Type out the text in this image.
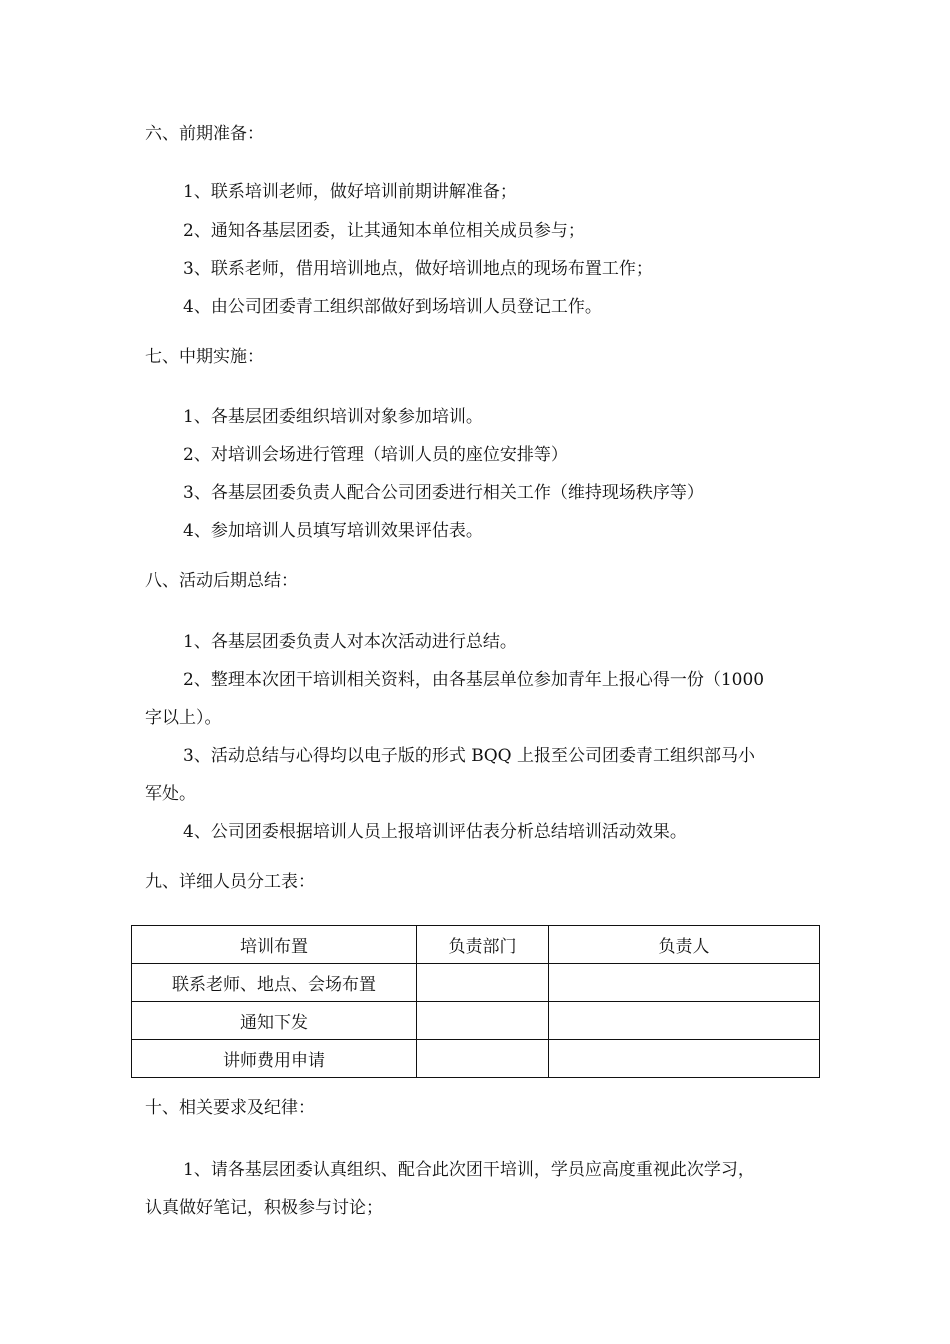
六、前期准备：
1、联系培训老师，做好培训前期讲解准备；
2、通知各基层团委，让其通知本单位相关成员参与；
3、联系老师，借用培训地点，做好培训地点的现场布置工作；
4、由公司团委青工组织部做好到场培训人员登记工作。
七、中期实施：
1、各基层团委组织培训对象参加培训。
2、对培训会场进行管理（培训人员的座位安排等）
3、各基层团委负责人配合公司团委进行相关工作（维持现场秩序等）
4、参加培训人员填写培训效果评估表。
八、活动后期总结：
1、各基层团委负责人对本次活动进行总结。
2、整理本次团干培训相关资料，由各基层单位参加青年上报心得一份（1000
字以上）。
3、活动总结与心得均以电子版的形式 BQQ 上报至公司团委青工组织部马小
军处。
4、公司团委根据培训人员上报培训评估表分析总结培训活动效果。
九、详细人员分工表：
培训布置	负责部门	负责人
联系老师、地点、会场布置		
通知下发		
讲师费用申请		
十、相关要求及纪律：
1、请各基层团委认真组织、配合此次团干培训，学员应高度重视此次学习，
认真做好笔记，积极参与讨论；
